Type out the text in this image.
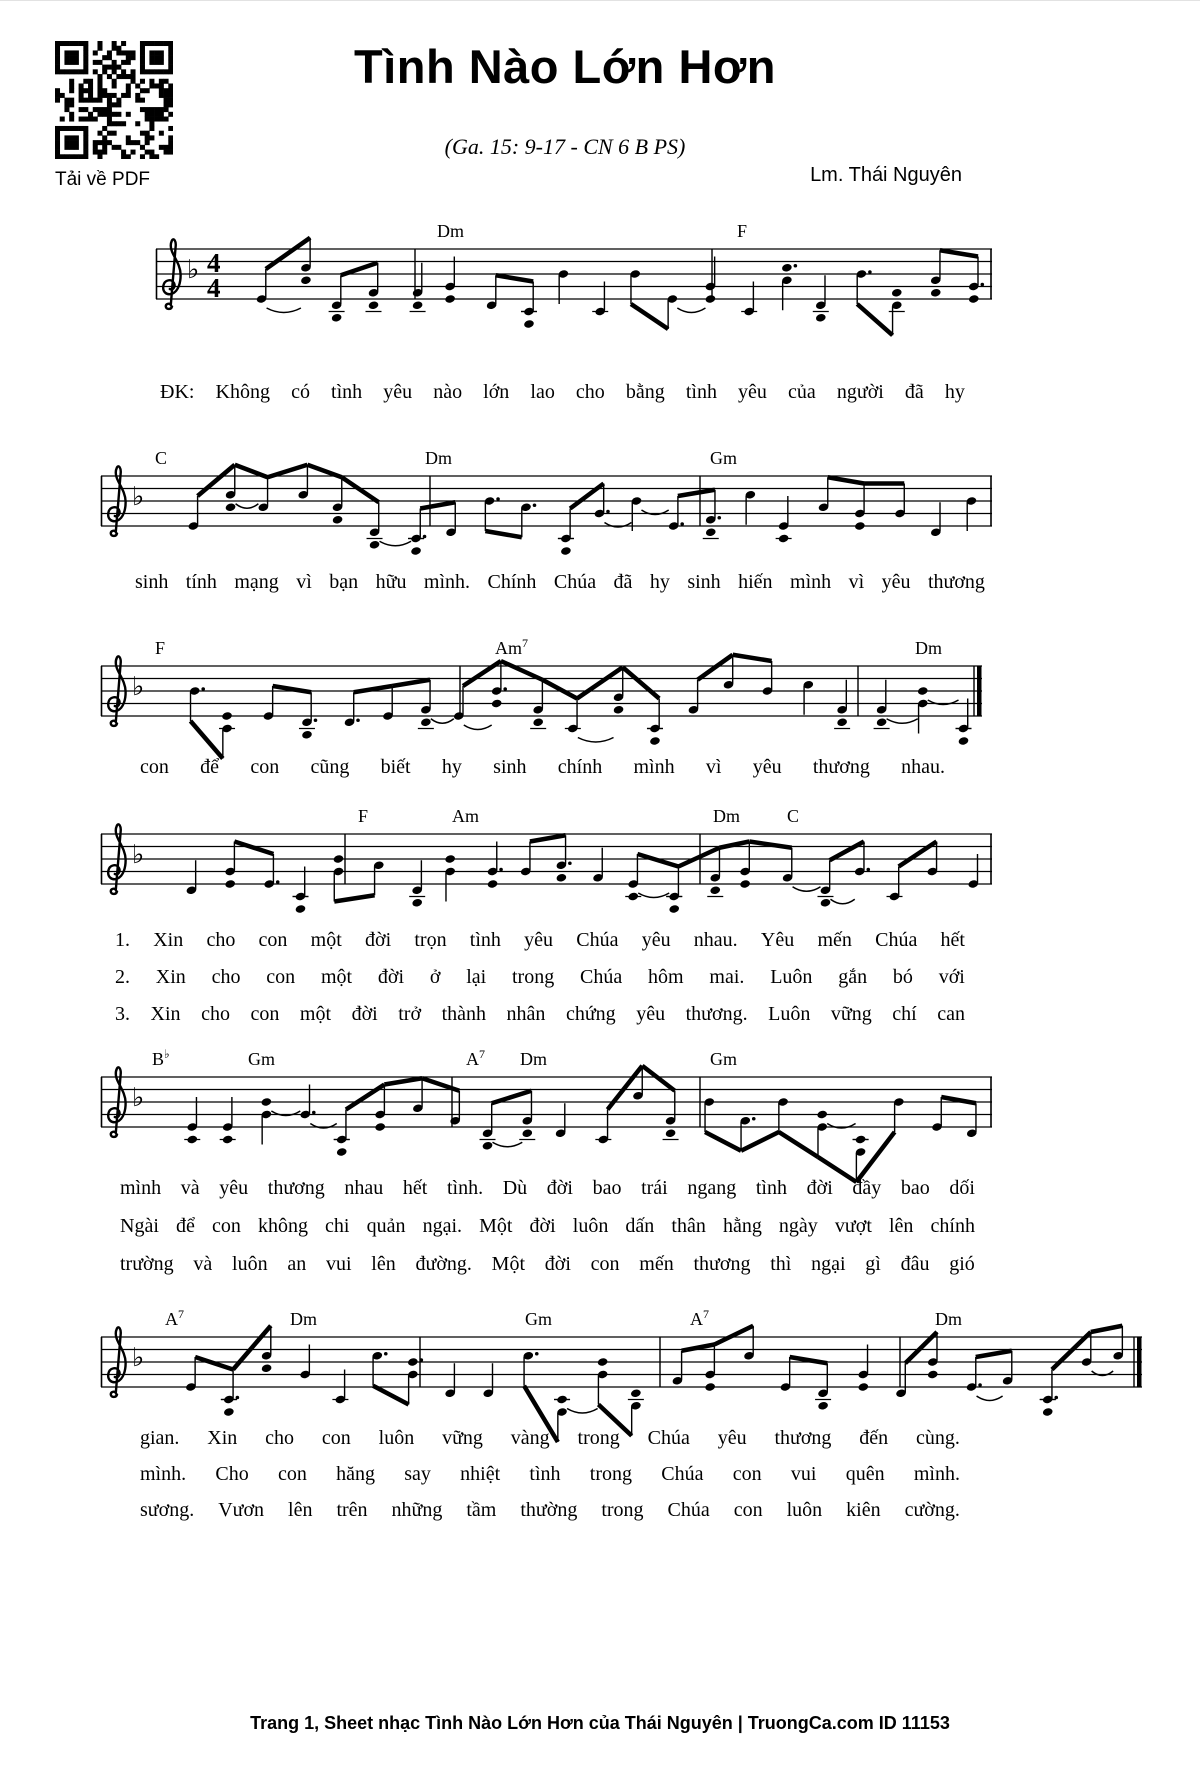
Tải về PDF
Tình Nào Lớn Hơn
(Ga. 15: 9-17 - CN 6 B PS)
Lm. Thái Nguyên
♭ 4
4
Dm	F
ĐK: Không có tình yêu nào lớn lao cho bằng tình yêu của người đã hy
♭
C	Dm	Gm
sinh tính mạng vì bạn hữu mình. Chính Chúa đã hy sinh hiến mình vì yêu thương
♭
F	Am$^7$	Dm
con để con cũng biết hy sinh chính mình vì yêu thương nhau.
♭
F	Am	Dm	C
1. Xin cho con một đời trọn tình yêu Chúa yêu nhau. Yêu mến Chúa hết
2. Xin cho con một đời ở lại trong Chúa hôm mai. Luôn gắn bó với
3. Xin cho con một đời trở thành nhân chứng yêu thương. Luôn vững chí can
♭
B♭	Gm	$A^7$ Dm	Gm
mình và yêu thương nhau hết tình. Dù đời bao trái ngang tình đời đầy bao dối
Ngài để con không chi quản ngại. Một đời luôn dấn thân hằng ngày vượt lên chính
trường và luôn an vui lên đường. Một đời con mến thương thì ngại gì đâu gió
♭
$A^7$	Dm	Gm	$A^7$	Dm
gian. Xin cho con luôn vững vàng trong Chúa yêu thương đến cùng.
mình. Cho con hăng say nhiệt tình trong Chúa con vui quên mình.
sương. Vươn lên trên những tầm thường trong Chúa con luôn kiên cường.
Trang 1, Sheet nhạc Tình Nào Lớn Hơn của Thái Nguyên | TruongCa.com ID 11153
